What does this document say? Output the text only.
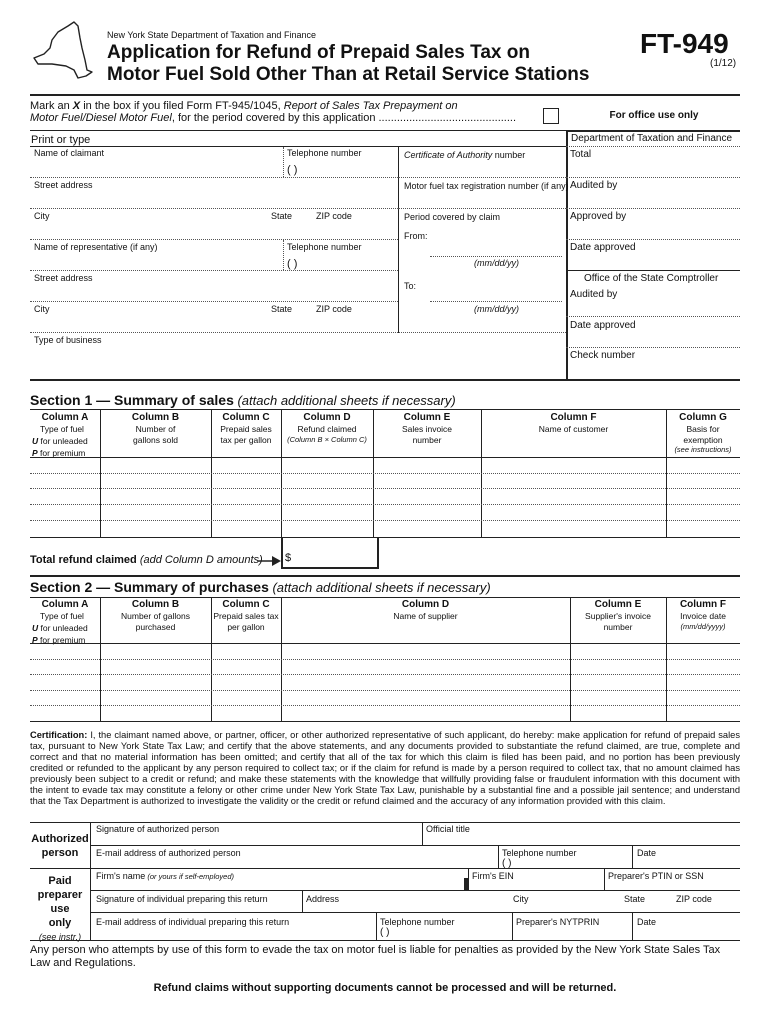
New York State Department of Taxation and Finance
Application for Refund of Prepaid Sales Tax on
Motor Fuel Sold Other Than at Retail Service Stations
FT-949
(1/12)
Mark an X in the box if you filed Form FT-945/1045, Report of Sales Tax Prepayment on
Motor Fuel/Diesel Motor Fuel, for the period covered by this application .............................................	For office use only
Print or type
Name of claimant	Telephone number
( )
Certificate of Authority number
Street address	Motor fuel tax registration number (if any)
City	State	ZIP code	Period covered by claim
From:
(mm/dd/yy)
Name of representative (if any)	Telephone number
( )
Street address
To:
(mm/dd/yy)
City	State	ZIP code
Type of business
Department of Taxation and Finance
Total
Audited by
Approved by
Date approved
Office of the State Comptroller
Audited by
Date approved
Check number
Section 1 — Summary of sales (attach additional sheets if necessary)
Column A
Type of fuel
U for unleaded
P for premium
Column B
Number of
gallons sold
Column C
Prepaid sales
tax per gallon
Column D
Refund claimed
(Column B × Column C)
Column E
Sales invoice
number
Column F
Name of customer
Column G
Basis for
exemption
(see instructions)
Total refund claimed (add Column D amounts) $
Section 2 — Summary of purchases (attach additional sheets if necessary)
Column A
Type of fuel
U for unleaded
P for premium
Column B
Number of gallons
purchased
Column C
Prepaid sales tax
per gallon
Column D
Name of supplier
Column E
Supplier's invoice
number
Column F
Invoice date
(mm/dd/yyyy)
Certification: I, the claimant named above, or partner, officer, or other authorized representative of such applicant, do hereby: make application for refund of prepaid sales tax, pursuant to New York State Tax Law; and certify that the above statements, and any documents provided to substantiate the refund claimed, are true, complete and correct and that no material information has been omitted; and certify that all of the tax for which this claim is filed has been paid, and no portion has been previously credited or refunded to the applicant by any person required to collect tax; or if the claim for refund is made by a person required to collect tax, that no amount claimed has previously been subject to a credit or refund; and make these statements with the knowledge that willfully providing false or fraudulent information with this document with the intent to evade tax may constitute a felony or other crime under New York State Tax Law, punishable by a substantial fine and a possible jail sentence; and understand that the Tax Department is authorized to investigate the validity or the credit or refund claimed and the accuracy of any information provided with this claim.
Authorized
person
Signature of authorized person	Official title
E-mail address of authorized person	Telephone number
( )
Date
Paid
preparer
use
only
(see instr.)
Firm's name (or yours if self-employed)	Firm's EIN	Preparer's PTIN or SSN
Signature of individual preparing this return	Address	City	State	ZIP code
E-mail address of individual preparing this return	Telephone number
( )
Preparer's NYTPRIN	Date
Any person who attempts by use of this form to evade the tax on motor fuel is liable for penalties as provided by the New York State Sales Tax Law and Regulations.
Refund claims without supporting documents cannot be processed and will be returned.
